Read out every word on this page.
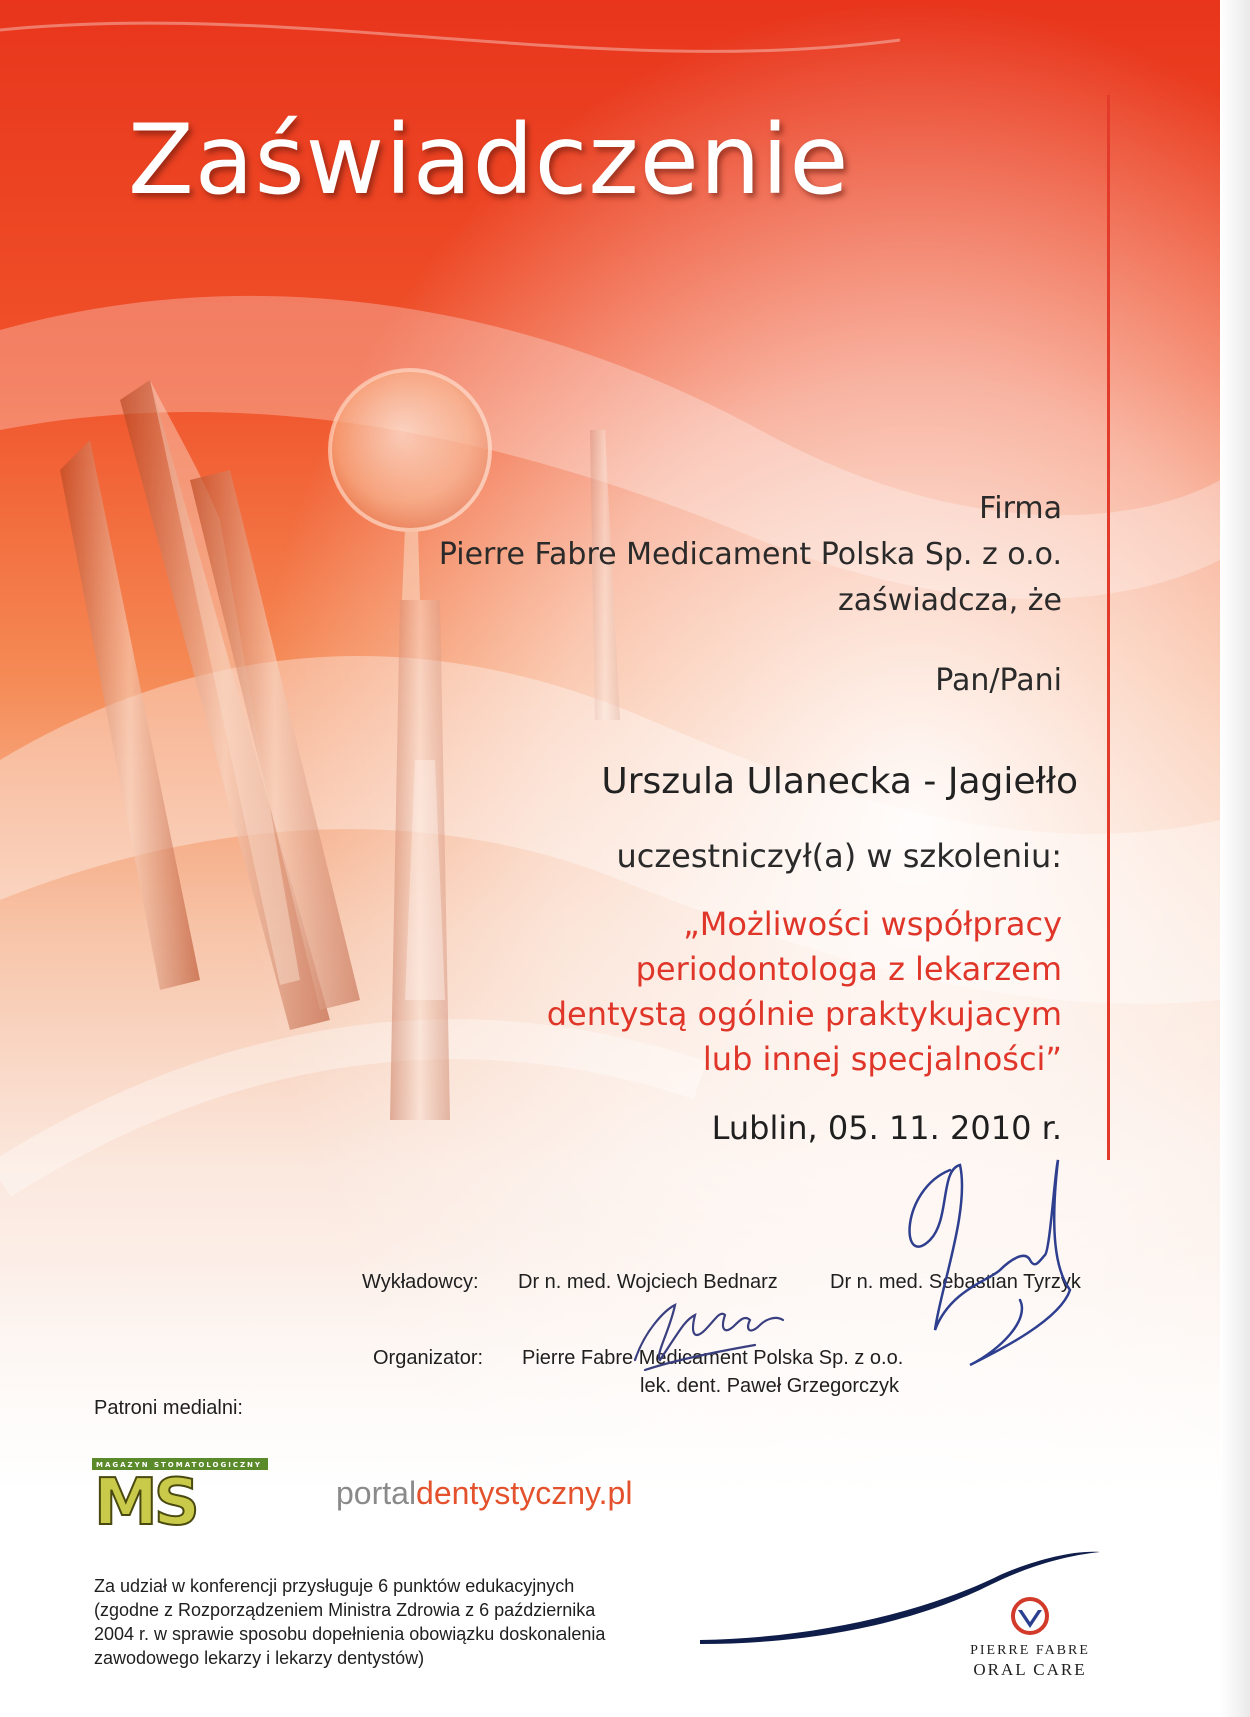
Zaświadczenie

Firma

Pierre Fabre Medicament Polska Sp. z o.o.

zaświadcza, że

Pan/Pani

Urszula Ulanecka - Jagiełło

uczestniczył(a) w szkoleniu:

„Możliwości współpracy
periodontologa z lekarzem
dentystą ogólnie praktykujacym
lub innej specjalności”

Lublin, 05. 11. 2010 r.

Wykładowcy: Dr n. med. Wojciech Bednarz	Dr n. med. Sebastian Tyrzyk

Organizator: Pierre Fabre Medicament Polska Sp. z o.o.

lek. dent. Paweł Grzegorczyk

Patroni medialni:

MAGAZYN STOMATOLOGICZNY
MS	portaldentystyczny.pl

Za udział w konferencji przysługuje 6 punktów edukacyjnych
(zgodne z Rozporządzeniem Ministra Zdrowia z 6 października
2004 r. w sprawie sposobu dopełnienia obowiązku doskonalenia
zawodowego lekarzy i lekarzy dentystów)	PIERRE FABRE
ORAL CARE
